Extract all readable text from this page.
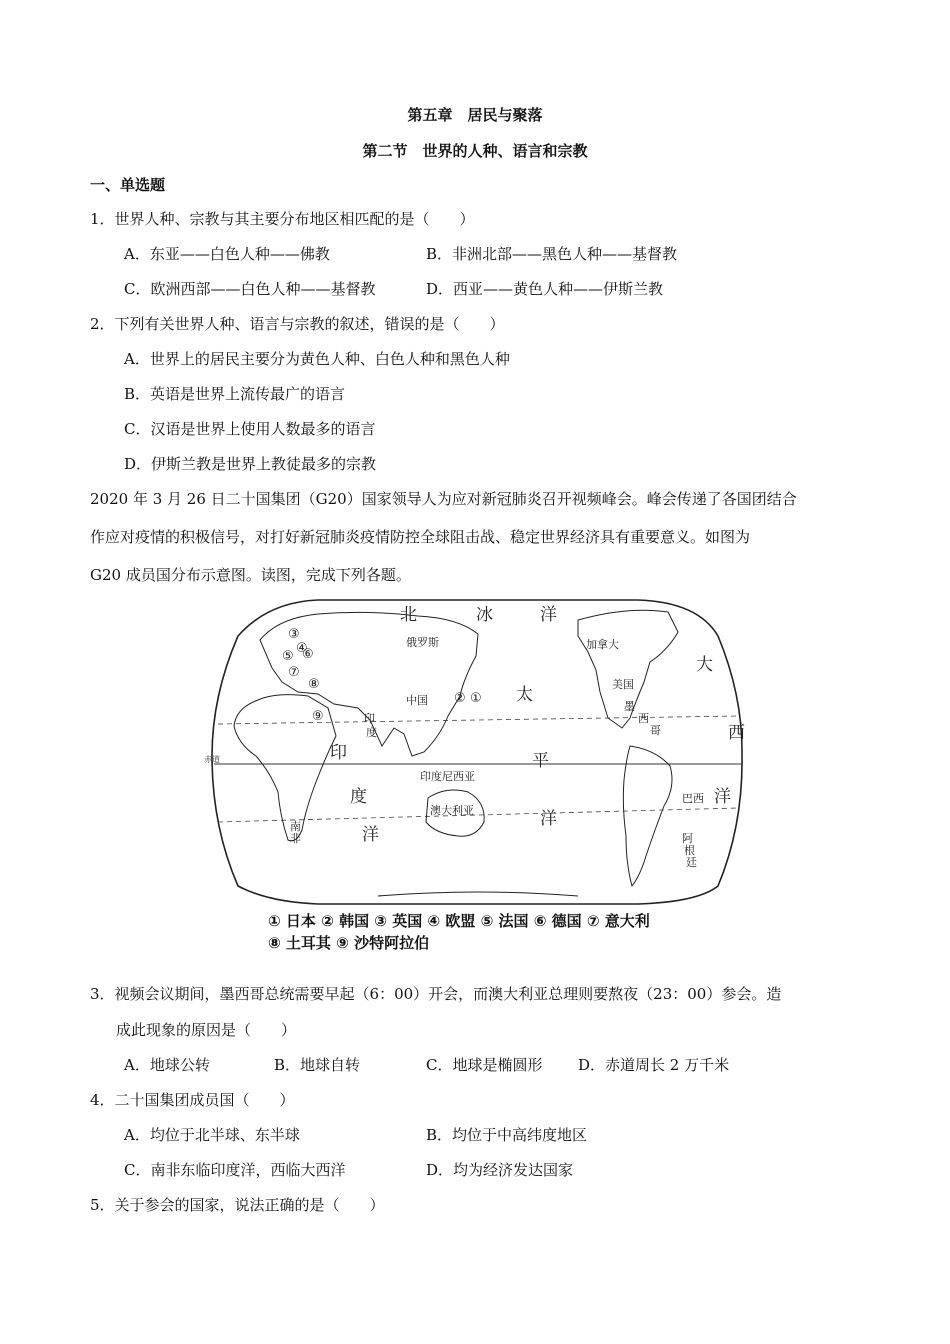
第五章　居民与聚落
第二节　世界的人种、语言和宗教
一、单选题
1．世界人种、宗教与其主要分布地区相匹配的是（　　）
A．东亚——白色人种——佛教	B．非洲北部——黑色人种——基督教
C．欧洲西部——白色人种——基督教	D．西亚——黄色人种——伊斯兰教
2．下列有关世界人种、语言与宗教的叙述，错误的是（　　）
A．世界上的居民主要分为黄色人种、白色人种和黑色人种
B．英语是世界上流传最广的语言
C．汉语是世界上使用人数最多的语言
D．伊斯兰教是世界上教徒最多的宗教
2020 年 3 月 26 日二十国集团（G20）国家领导人为应对新冠肺炎召开视频峰会。峰会传递了各国团结合
作应对疫情的积极信号，对打好新冠肺炎疫情防控全球阻击战、稳定世界经济具有重要意义。如图为
G20 成员国分布示意图。读图，完成下列各题。
北	冰	洋
太
平
洋
大
西
洋
印
度
洋
俄罗斯	加拿大
美国
墨
西
哥
中国
印
度
印度尼西亚
澳大利亚
巴西
阿
根
廷
南
非
①
②
③
④
⑤ ⑥
⑦
⑧
⑨
赤道
① 日本 ② 韩国 ③ 英国 ④ 欧盟 ⑤ 法国 ⑥ 德国 ⑦ 意大利
⑧ 土耳其 ⑨ 沙特阿拉伯
3．视频会议期间，墨西哥总统需要早起（6：00）开会，而澳大利亚总理则要熬夜（23：00）参会。造
成此现象的原因是（　　）
A．地球公转	B．地球自转	C．地球是椭圆形 D．赤道周长 2 万千米
4．二十国集团成员国（　　）
A．均位于北半球、东半球	B．均位于中高纬度地区
C．南非东临印度洋，西临大西洋	D．均为经济发达国家
5．关于参会的国家，说法正确的是（　　）
